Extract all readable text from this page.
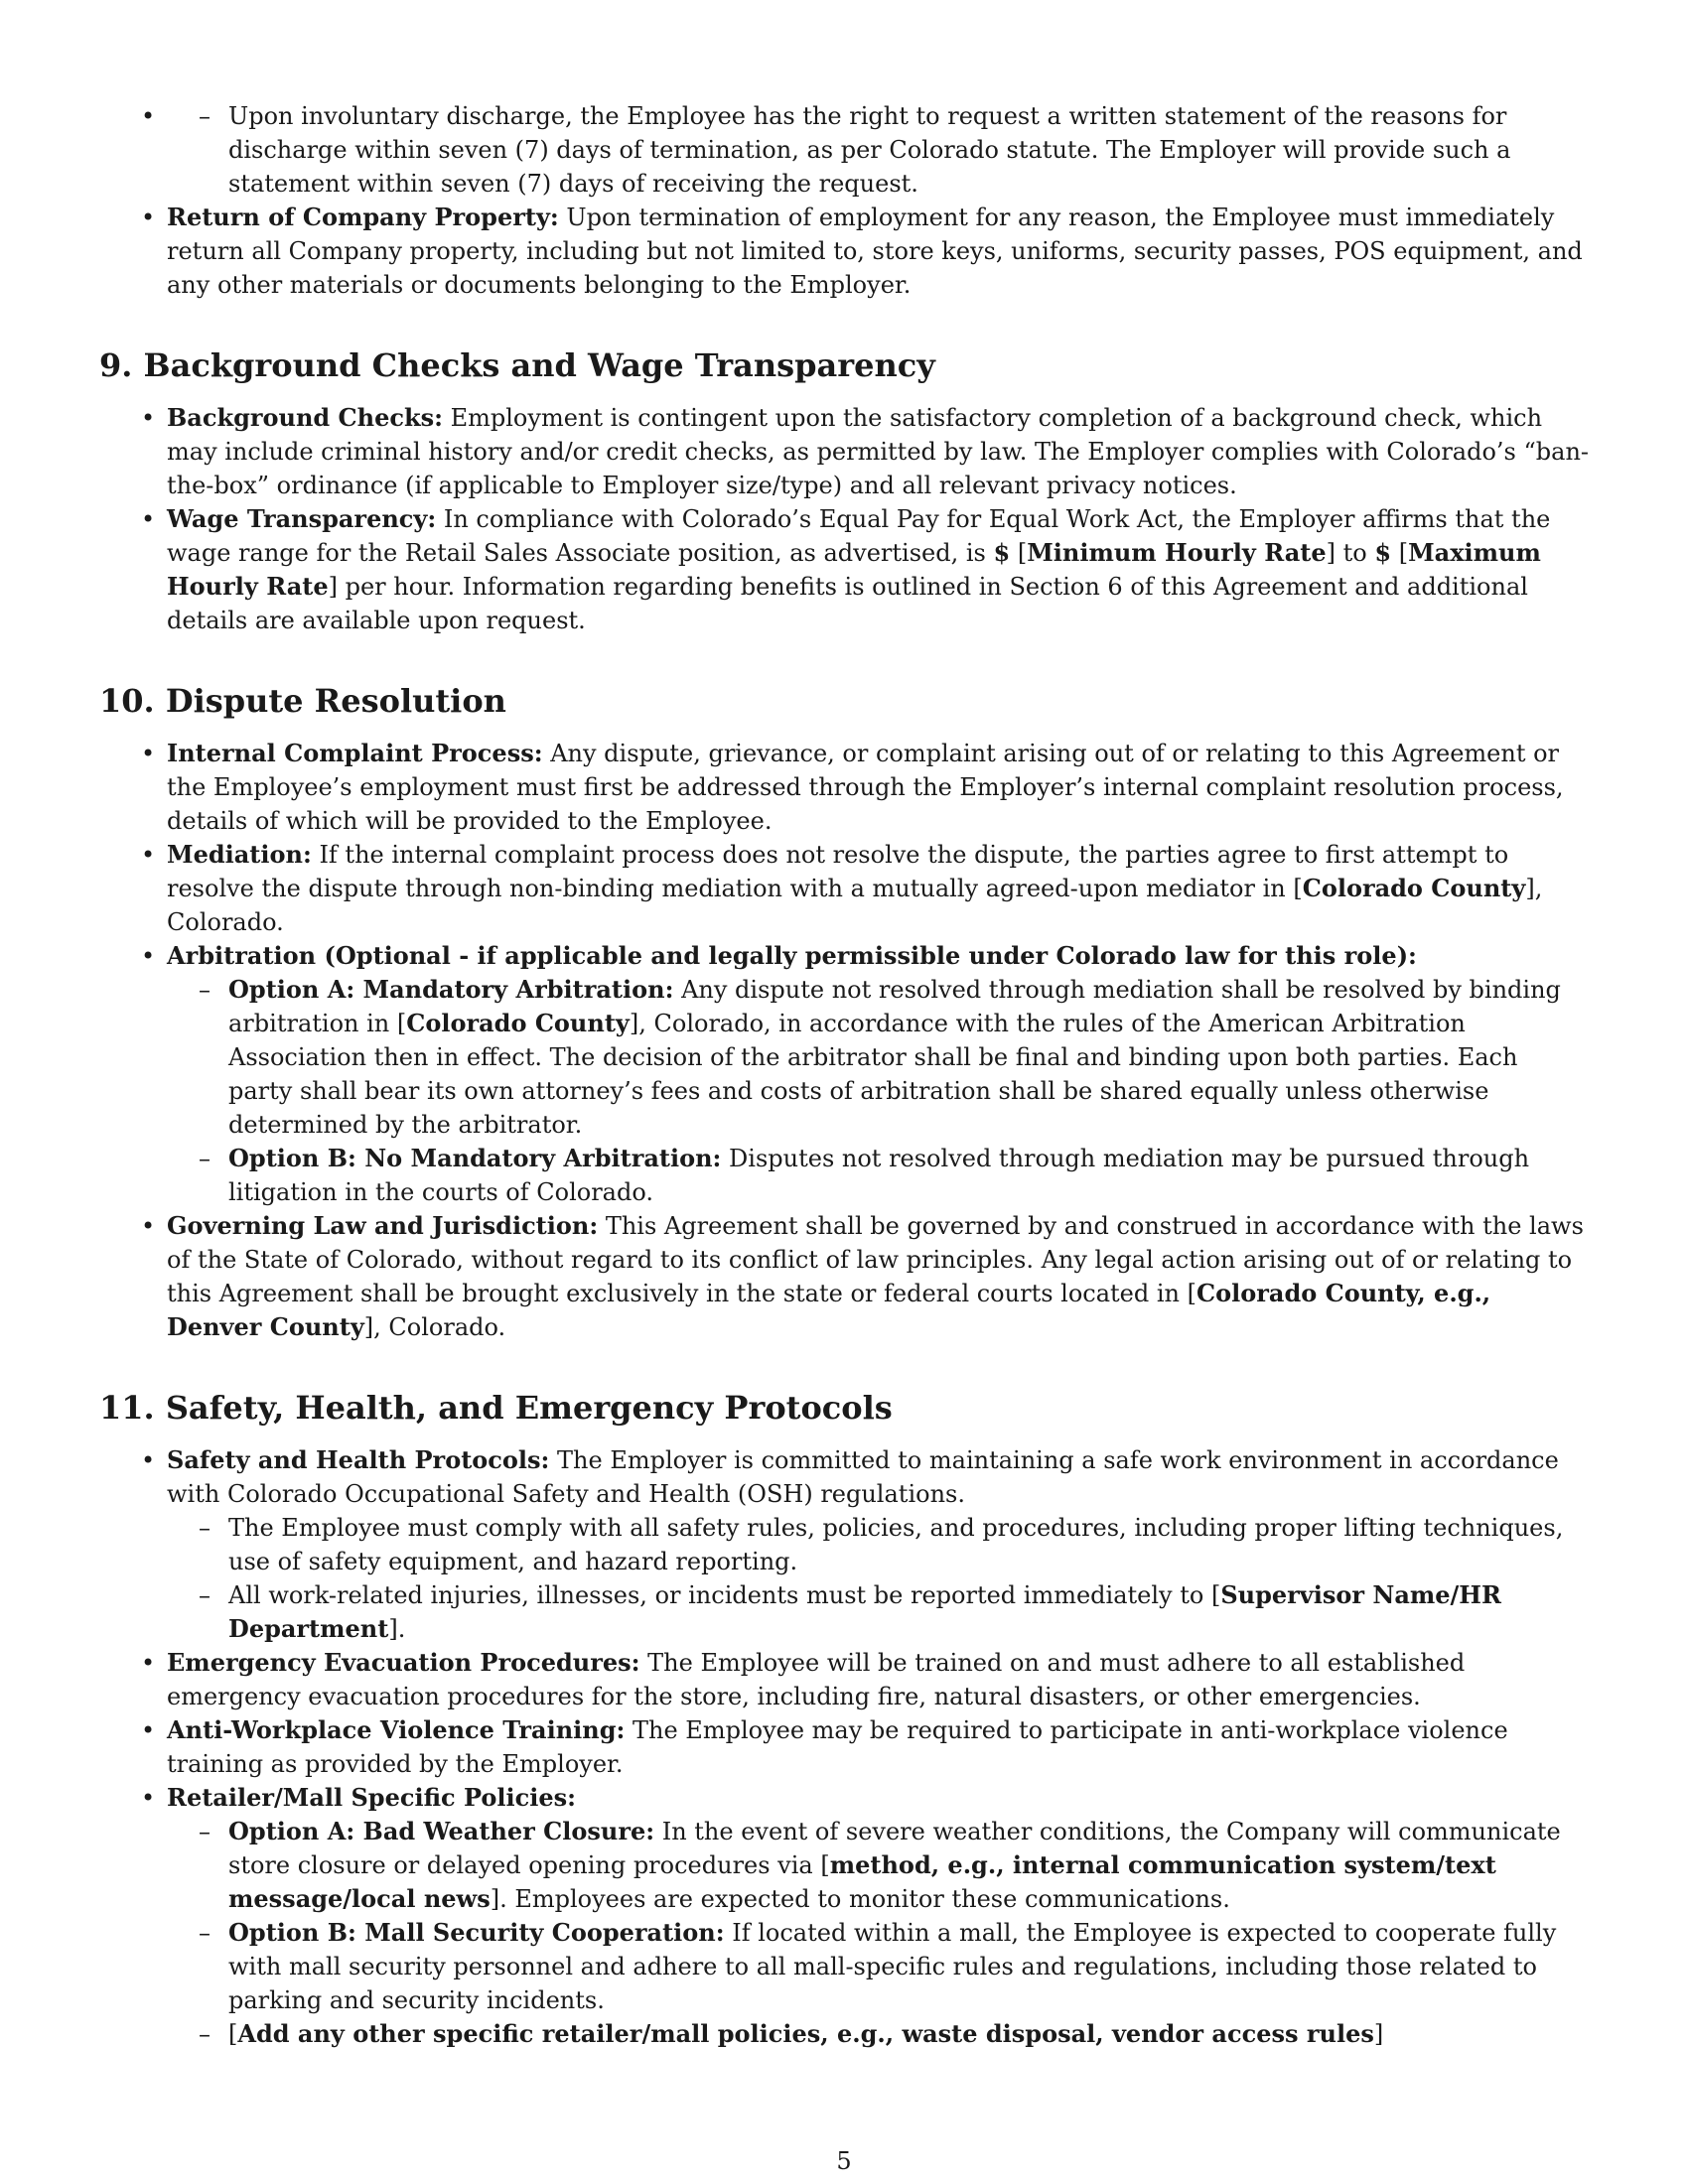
– • Upon involuntary discharge, the Employee has the right to request a written statement of the reasons for discharge within seven (7) days of termination, as per Colorado statute. The Employer will provide such a statement within seven (7) days of receiving the request.
• Return of Company Property: Upon termination of employment for any reason, the Employee must immediately return all Company property, including but not limited to, store keys, uniforms, security passes, POS equipment, and any other materials or documents belonging to the Employer.
9. Background Checks and Wage Transparency
• Background Checks: Employment is contingent upon the satisfactory completion of a background check, which may include criminal history and/or credit checks, as permitted by law. The Employer complies with Colorado’s “ban-the-box” ordinance (if applicable to Employer size/type) and all relevant privacy notices.
• Wage Transparency: In compliance with Colorado’s Equal Pay for Equal Work Act, the Employer affirms that the wage range for the Retail Sales Associate position, as advertised, is $ [Minimum Hourly Rate] to $ [Maximum Hourly Rate] per hour. Information regarding benefits is outlined in Section 6 of this Agreement and additional details are available upon request.
10. Dispute Resolution
• Internal Complaint Process: Any dispute, grievance, or complaint arising out of or relating to this Agreement or the Employee’s employment must first be addressed through the Employer’s internal complaint resolution process, details of which will be provided to the Employee.
• Mediation: If the internal complaint process does not resolve the dispute, the parties agree to first attempt to resolve the dispute through non-binding mediation with a mutually agreed-upon mediator in [Colorado County], Colorado.
• Arbitration (Optional - if applicable and legally permissible under Colorado law for this role):
– Option A: Mandatory Arbitration: Any dispute not resolved through mediation shall be resolved by binding arbitration in [Colorado County], Colorado, in accordance with the rules of the American Arbitration Association then in effect. The decision of the arbitrator shall be final and binding upon both parties. Each party shall bear its own attorney’s fees and costs of arbitration shall be shared equally unless otherwise determined by the arbitrator.
– Option B: No Mandatory Arbitration: Disputes not resolved through mediation may be pursued through litigation in the courts of Colorado.
• Governing Law and Jurisdiction: This Agreement shall be governed by and construed in accordance with the laws of the State of Colorado, without regard to its conflict of law principles. Any legal action arising out of or relating to this Agreement shall be brought exclusively in the state or federal courts located in [Colorado County, e.g., Denver County], Colorado.
11. Safety, Health, and Emergency Protocols
• Safety and Health Protocols: The Employer is committed to maintaining a safe work environment in accordance with Colorado Occupational Safety and Health (OSH) regulations.
– The Employee must comply with all safety rules, policies, and procedures, including proper lifting techniques, use of safety equipment, and hazard reporting.
– All work-related injuries, illnesses, or incidents must be reported immediately to [Supervisor Name/HR Department].
• Emergency Evacuation Procedures: The Employee will be trained on and must adhere to all established emergency evacuation procedures for the store, including fire, natural disasters, or other emergencies.
• Anti-Workplace Violence Training: The Employee may be required to participate in anti-workplace violence training as provided by the Employer.
• Retailer/Mall Specific Policies:
– Option A: Bad Weather Closure: In the event of severe weather conditions, the Company will communicate store closure or delayed opening procedures via [method, e.g., internal communication system/text message/local news]. Employees are expected to monitor these communications.
– Option B: Mall Security Cooperation: If located within a mall, the Employee is expected to cooperate fully with mall security personnel and adhere to all mall-specific rules and regulations, including those related to parking and security incidents.
– [Add any other specific retailer/mall policies, e.g., waste disposal, vendor access rules]
5
